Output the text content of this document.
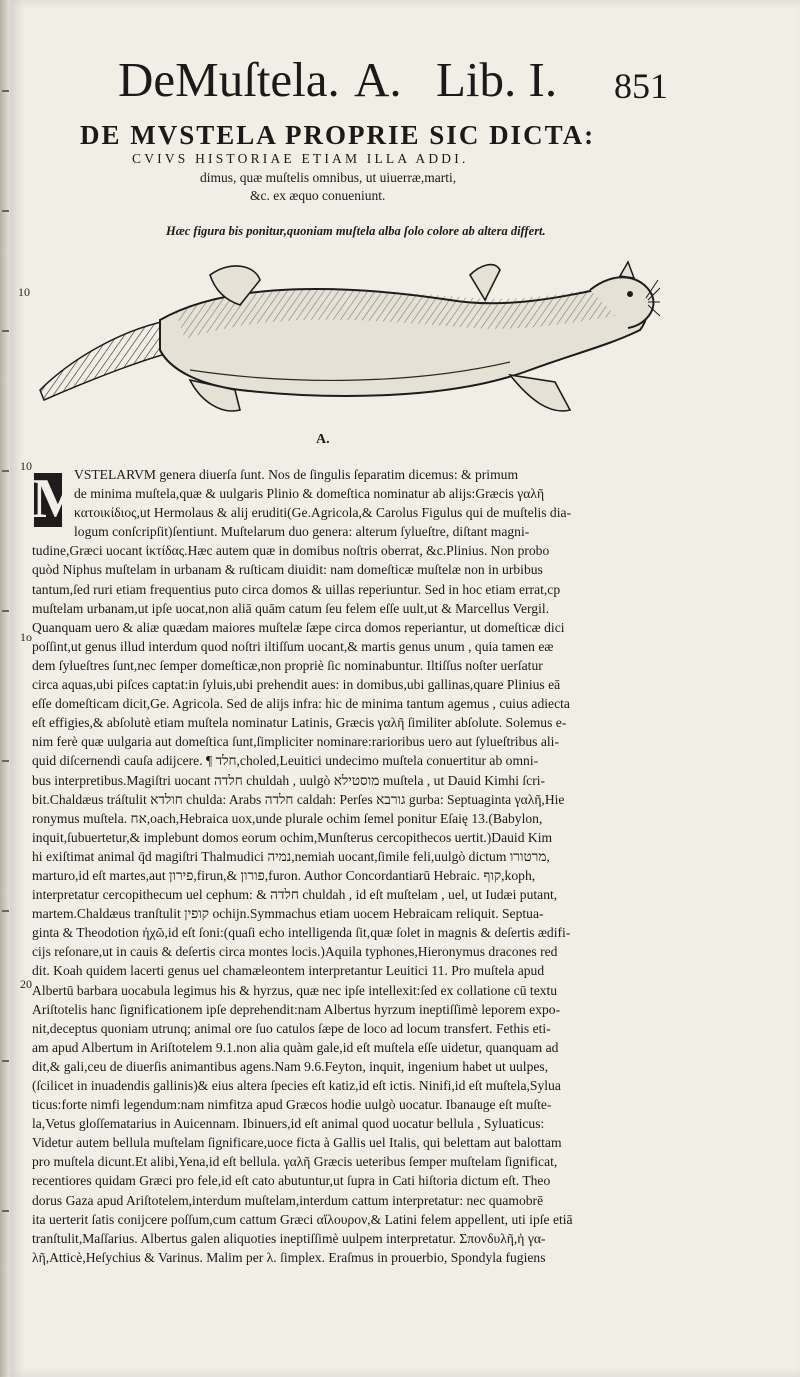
DeMuſtela. A. Lib. I. 851
DE MVSTELA PROPRIE SIC DICTA:
CVIVS HISTORIAE ETIAM ILLA ADDI.
dimus, quæ muſtelis omnibus, ut uiuerræ,marti,
&c. ex æquo conueniunt.
Hæc figura bis ponitur,quoniam muſtela alba ſolo colore ab altera differt.
A.
10
10
1o
20
M
VSTELARVM genera diuerſa ſunt. Nos de ſingulis ſeparatim dicemus: & primum
de minima muſtela,quæ & uulgaris Plinio & domeſtica nominatur ab alijs:Græcis γαλῆ
κατοικίδιος,ut Hermolaus & alij eruditi(Ge.Agricola,& Carolus Figulus qui de muſtelis dia-
logum conſcripſit)ſentiunt. Muſtelarum duo genera: alterum ſylueſtre, diſtant magni-
tudine,Græci uocant ἰκτίδας.Hæc autem quæ in domibus noſtris oberrat, &c.Plinius. Non probo
quòd Niphus muſtelam in urbanam & ruſticam diuidit: nam domeſticæ muſtelæ non in urbibus
tantum,ſed ruri etiam frequentius puto circa domos & uillas reperiuntur. Sed in hoc etiam errat,cp
muſtelam urbanam,ut ipſe uocat,non aliā quām catum ſeu felem eſſe uult,ut & Marcellus Vergil.
Quanquam uero & aliæ quædam maiores muſtelæ ſæpe circa domos reperiantur, ut domeſticæ dici
poſſint,ut genus illud interdum quod noſtri iltiſſum uocant,& martis genus unum , quia tamen eæ
dem ſylueſtres ſunt,nec ſemper domeſticæ,non propriè ſic nominabuntur. Iltiſſus noſter uerſatur
circa aquas,ubi piſces captat:in ſyluis,ubi prehendit aues: in domibus,ubi gallinas,quare Plinius eā
eſſe domeſticam dicit,Ge. Agricola. Sed de alijs infra: hic de minima tantum agemus , cuius adiecta
eſt effigies,& abſolutè etiam muſtela nominatur Latinis, Græcis γαλῆ ſimiliter abſolute. Solemus e-
nim ferè quæ uulgaria aut domeſtica ſunt,ſimpliciter nominare:rarioribus uero aut ſylueſtribus ali-
quid diſcernendi cauſa adijcere. ¶ חלד,choled,Leuitici undecimo muſtela conuertitur ab omni-
bus interpretibus.Magiſtri uocant חלדה chuldah , uulgò מוסטילא muſtela , ut Dauid Kimhi ſcri-
bit.Chaldæus tráſtulit חולדא chulda: Arabs חלדה caldah: Perſes גורבא gurba: Septuaginta γαλῆ,Hie
ronymus muſtela. אח,oach,Hebraica uox,unde plurale ochim ſemel ponitur Eſaię 13.(Babylon,
inquit,ſubuertetur,& implebunt domos eorum ochim,Munſterus cercopithecos uertit.)Dauid Kim
hi exiſtimat animal q̄d magiſtri Thalmudici נמיה,nemiah uocant,ſimile feli,uulgò dictum מרטורו,
marturo,id eſt martes,aut פירון,firun,& פורון,furon. Author Concordantiarū Hebraic. קוף,koph,
interpretatur cercopithecum uel cephum: & חלדה chuldah , id eſt muſtelam , uel, ut Iudæi putant,
martem.Chaldæus tranſtulit קופין ochijn.Symmachus etiam uocem Hebraicam reliquit. Septua-
ginta & Theodotion ἠχῶ,id eſt ſoni:(quaſi echo intelligenda ſit,quæ ſolet in magnis & deſertis ædifi-
cijs reſonare,ut in cauis & deſertis circa montes locis.)Aquila typhones,Hieronymus dracones red
dit. Koah quidem lacerti genus uel chamæleontem interpretantur Leuitici 11. Pro muſtela apud
Albertū barbara uocabula legimus his & hyrzus, quæ nec ipſe intellexit:ſed ex collatione cū textu
Ariſtotelis hanc ſignificationem ipſe deprehendit:nam Albertus hyrzum ineptiſſimè leporem expo-
nit,deceptus quoniam utrunq; animal ore ſuo catulos ſæpe de loco ad locum transfert. Fethis eti-
am apud Albertum in Ariſtotelem 9.1.non alia quàm gale,id eſt muſtela eſſe uidetur, quanquam ad
dit,& gali,ceu de diuerſis animantibus agens.Nam 9.6.Feyton, inquit, ingenium habet ut uulpes,
(ſcilicet in inuadendis gallinis)& eius altera ſpecies eſt katiz,id eſt ictis. Ninifi,id eſt muſtela,Sylua
ticus:forte nimfi legendum:nam nimfitza apud Græcos hodie uulgò uocatur. Ibanauge eſt muſte-
la,Vetus gloſſematarius in Auicennam. Ibinuers,id eſt animal quod uocatur bellula , Syluaticus:
Videtur autem bellula muſtelam ſignificare,uoce ficta à Gallis uel Italis, qui belettam aut balottam
pro muſtela dicunt.Et alibi,Yena,id eſt bellula. γαλῆ Græcis ueteribus ſemper muſtelam ſignificat,
recentiores quidam Græci pro fele,id eſt cato abutuntur,ut ſupra in Cati hiſtoria dictum eſt. Theo
dorus Gaza apud Ariſtotelem,interdum muſtelam,interdum cattum interpretatur: nec quamobrē
ita uerterit ſatis conijcere poſſum,cum cattum Græci αἴλουρον,& Latini felem appellent, uti ipſe etiā
tranſtulit,Maſſarius. Albertus galen aliquoties ineptiſſimè uulpem interpretatur. Σπονδυλῆ,ἡ γα-
λῆ,Atticè,Heſychius & Varinus. Malim per λ. ſimplex. Eraſmus in prouerbio, Spondyla fugiens
